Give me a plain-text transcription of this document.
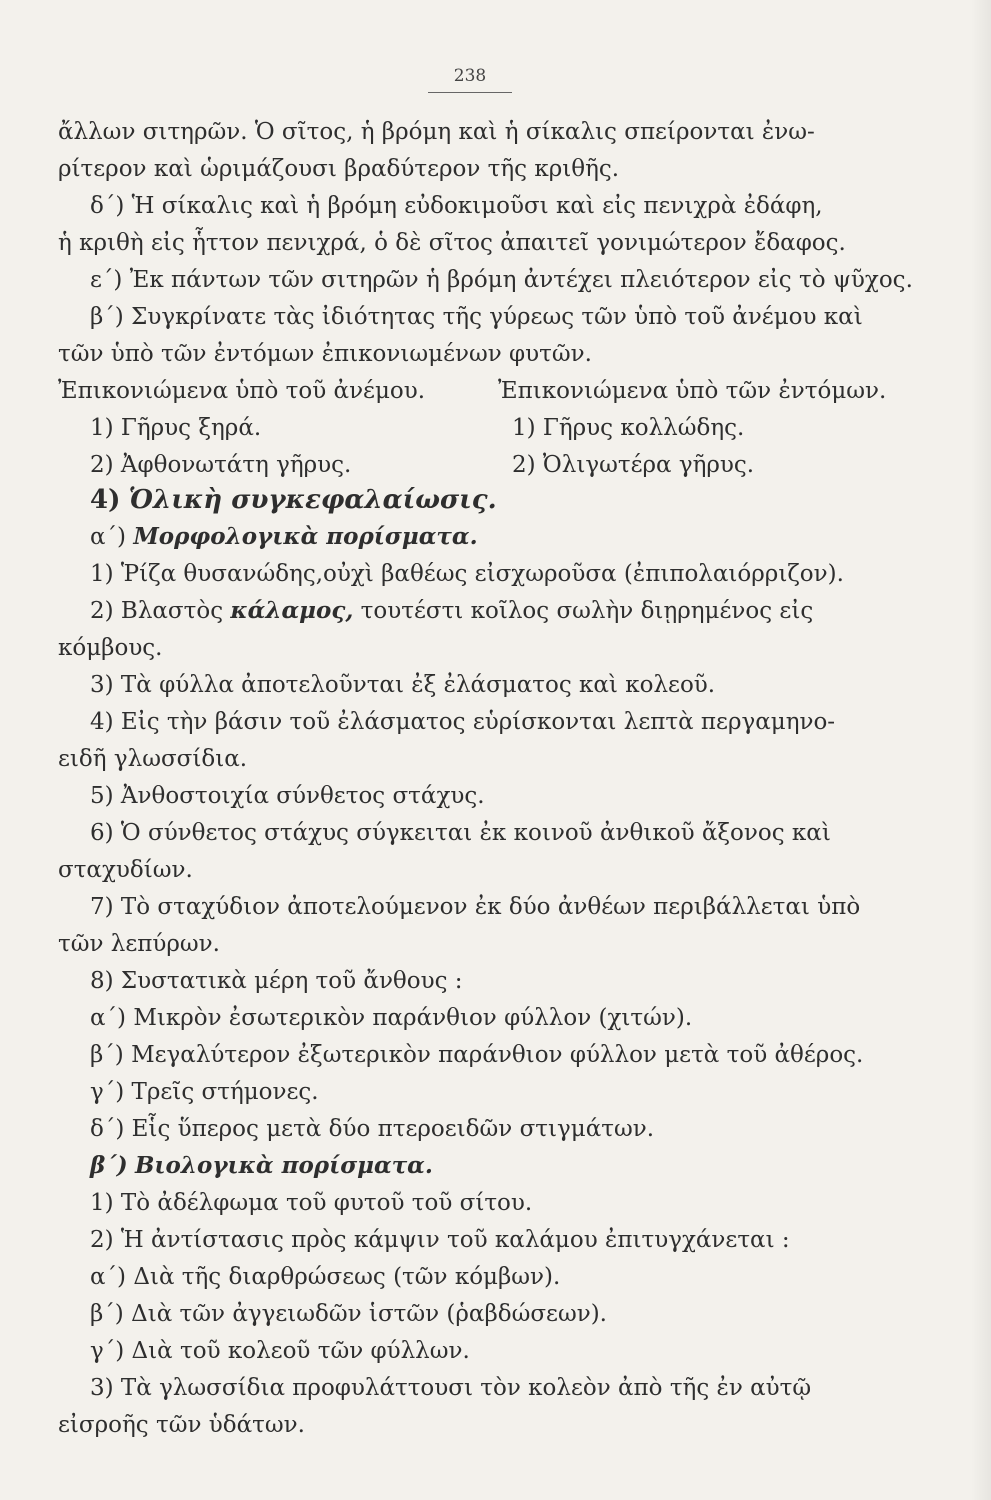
238
ἄλλων σιτηρῶν. Ὁ σῖτος, ἡ βρόμη καὶ ἡ σίκαλις σπείρονται ἐνω-
ρίτερον καὶ ὡριμάζουσι βραδύτερον τῆς κριθῆς.
δ΄) Ἡ σίκαλις καὶ ἡ βρόμη εὐδοκιμοῦσι καὶ εἰς πενιχρὰ ἐδάφη,
ἡ κριθὴ εἰς ἧττον πενιχρά, ὁ δὲ σῖτος ἀπαιτεῖ γονιμώτερον ἔδαφος.
ε΄) Ἐκ πάντων τῶν σιτηρῶν ἡ βρόμη ἀντέχει πλειότερον εἰς τὸ ψῦχος.
β΄) Συγκρίνατε τὰς ἰδιότητας τῆς γύρεως τῶν ὑπὸ τοῦ ἀνέμου καὶ
τῶν ὑπὸ τῶν ἐντόμων ἐπικονιωμένων φυτῶν.
Ἐπικονιώμενα ὑπὸ τοῦ ἀνέμου.	Ἐπικονιώμενα ὑπὸ τῶν ἐντόμων.
1) Γῆρυς ξηρά.	1) Γῆρυς κολλώδης.
2) Ἀφθονωτάτη γῆρυς.	2) Ὀλιγωτέρα γῆρυς.
4) Ὁλικὴ συγκεφαλαίωσις.
α΄) Μορφολογικὰ πορίσματα.
1) Ῥίζα θυσανώδης,οὐχὶ βαθέως εἰσχωροῦσα (ἐπιπολαιόρριζον).
2) Βλαστὸς κάλαμος, τουτέστι κοῖλος σωλὴν διῃρημένος εἰς
κόμβους.
3) Τὰ φύλλα ἀποτελοῦνται ἐξ ἐλάσματος καὶ κολεοῦ.
4) Εἰς τὴν βάσιν τοῦ ἐλάσματος εὑρίσκονται λεπτὰ περγαμηνο-
ειδῆ γλωσσίδια.
5) Ἀνθοστοιχία σύνθετος στάχυς.
6) Ὁ σύνθετος στάχυς σύγκειται ἐκ κοινοῦ ἀνθικοῦ ἄξονος καὶ
σταχυδίων.
7) Τὸ σταχύδιον ἀποτελούμενον ἐκ δύο ἀνθέων περιβάλλεται ὑπὸ
τῶν λεπύρων.
8) Συστατικὰ μέρη τοῦ ἄνθους :
α΄) Μικρὸν ἐσωτερικὸν παράνθιον φύλλον (χιτών).
β΄) Μεγαλύτερον ἐξωτερικὸν παράνθιον φύλλον μετὰ τοῦ ἀθέρος.
γ΄) Τρεῖς στήμονες.
δ΄) Εἷς ὕπερος μετὰ δύο πτεροειδῶν στιγμάτων.
β΄) Βιολογικὰ πορίσματα.
1) Τὸ ἀδέλφωμα τοῦ φυτοῦ τοῦ σίτου.
2) Ἡ ἀντίστασις πρὸς κάμψιν τοῦ καλάμου ἐπιτυγχάνεται :
α΄) Διὰ τῆς διαρθρώσεως (τῶν κόμβων).
β΄) Διὰ τῶν ἀγγειωδῶν ἱστῶν (ῥαβδώσεων).
γ΄) Διὰ τοῦ κολεοῦ τῶν φύλλων.
3) Τὰ γλωσσίδια προφυλάττουσι τὸν κολεὸν ἀπὸ τῆς ἐν αὐτῷ
εἰσροῆς τῶν ὑδάτων.
